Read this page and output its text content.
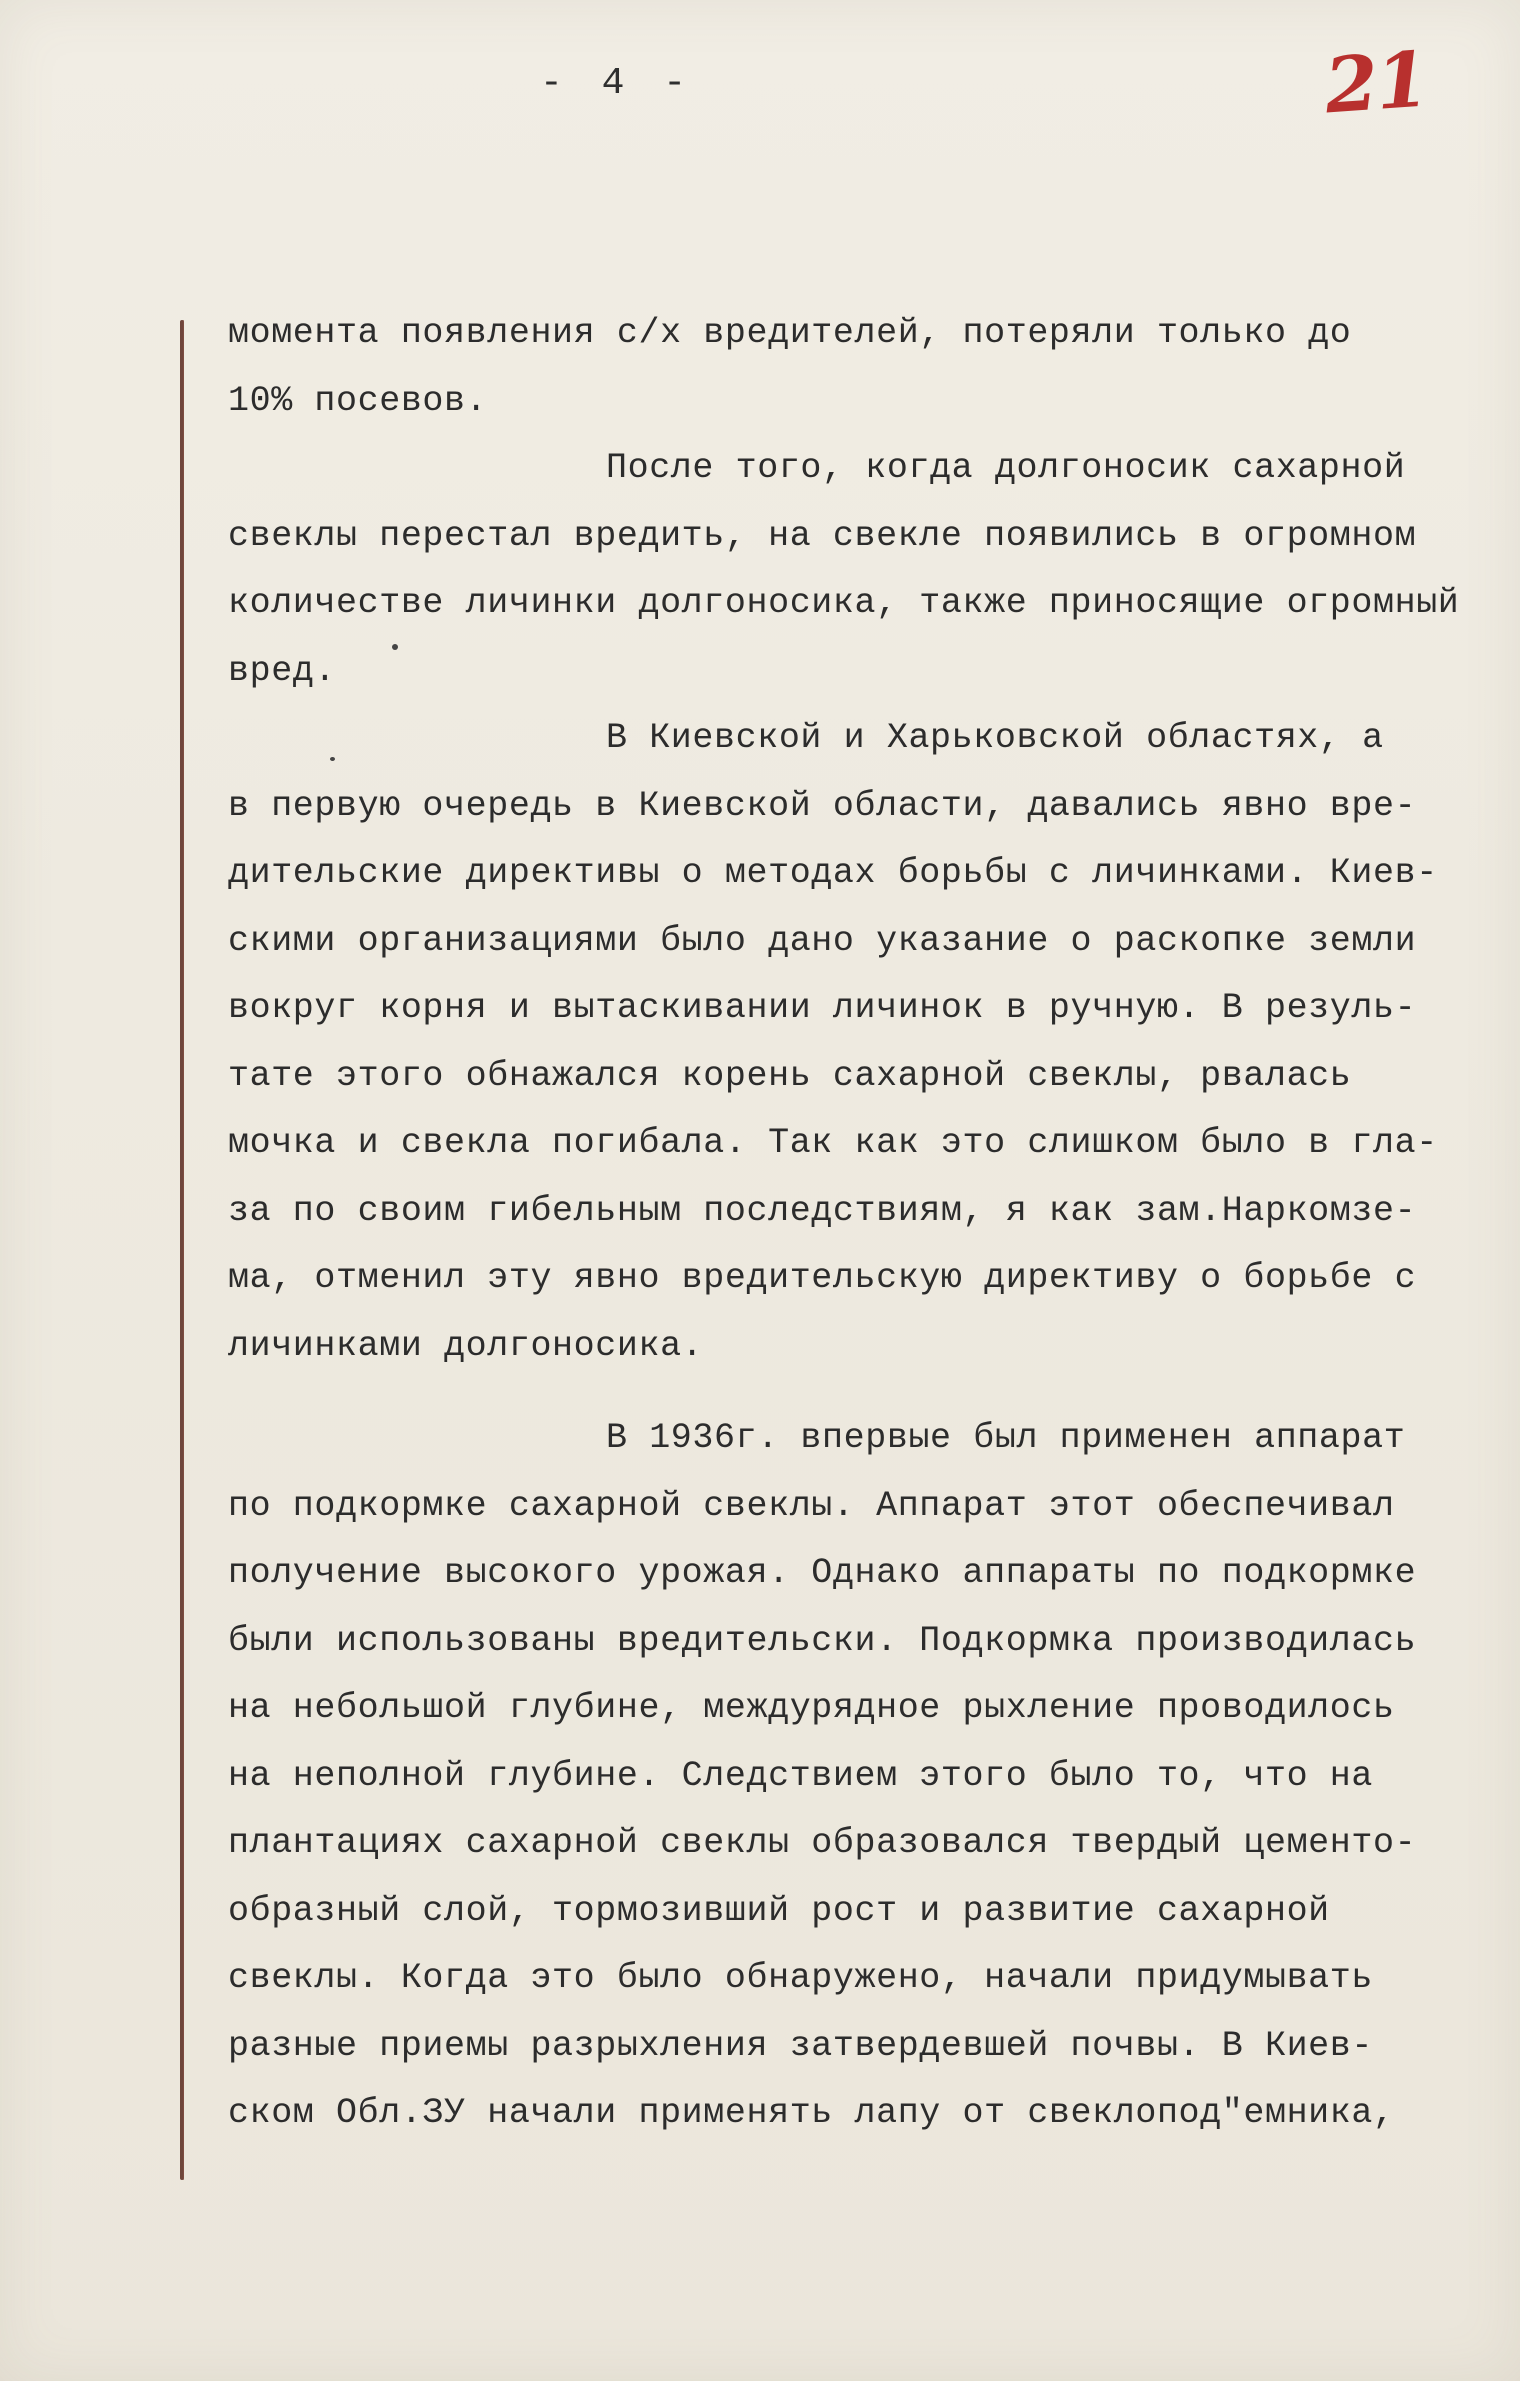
- 4 -	21
момента появления с/х вредителей, потеряли только до
10% посевов.
После того, когда долгоносик сахарной
свеклы перестал вредить, на свекле появились в огромном
количестве личинки долгоносика, также приносящие огромный
вред.
В Киевской и Харьковской областях, а
в первую очередь в Киевской области, давались явно вре-
дительские директивы о методах борьбы с личинками. Киев-
скими организациями было дано указание о раскопке земли
вокруг корня и вытаскивании личинок в ручную. В резуль-
тате этого обнажался корень сахарной свеклы, рвалась
мочка и свекла погибала. Так как это слишком было в гла-
за по своим гибельным последствиям, я как зам.Наркомзе-
ма, отменил эту явно вредительскую директиву о борьбе с
личинками долгоносика.
В 1936г. впервые был применен аппарат
по подкормке сахарной свеклы. Аппарат этот обеспечивал
получение высокого урожая. Однако аппараты по подкормке
были использованы вредительски. Подкормка производилась
на небольшой глубине, междурядное рыхление проводилось
на неполной глубине. Следствием этого было то, что на
плантациях сахарной свеклы образовался твердый цементо-
образный слой, тормозивший рост и развитие сахарной
свеклы. Когда это было обнаружено, начали придумывать
разные приемы разрыхления затвердевшей почвы. В Киев-
ском Обл.ЗУ начали применять лапу от свеклопод"емника,
